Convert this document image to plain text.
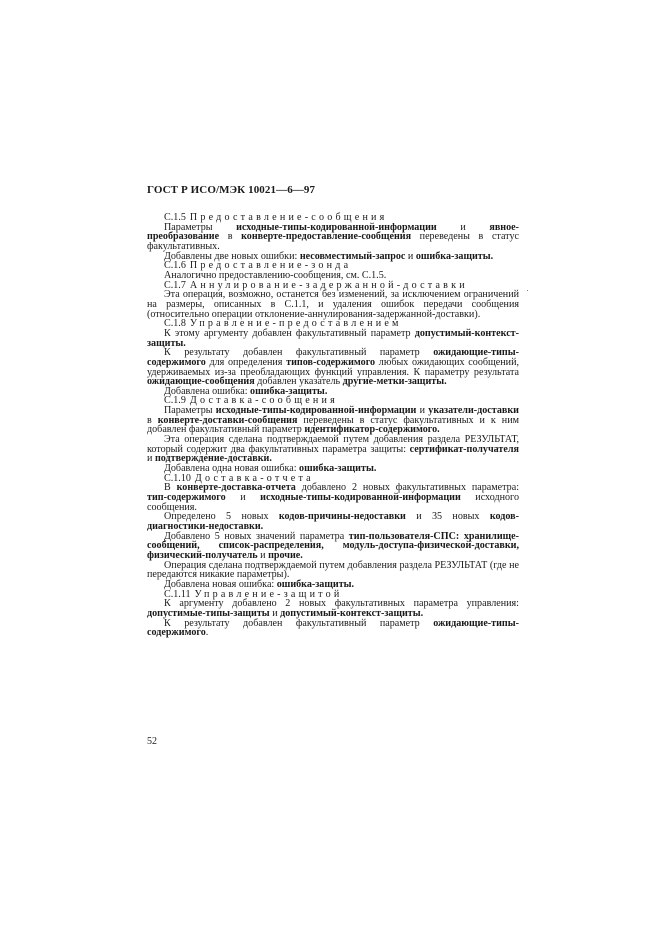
ГОСТ Р ИСО/МЭК 10021—6—97
С.1.5 Предоставление-сообщения

Параметры исходные-типы-кодированной-информации и явное-преобразование в конверте-предоставление-сообщения переведены в статус факультативных.

Добавлены две новых ошибки: несовместимый-запрос и ошибка-защиты.

С.1.6 Предоставление-зонда

Аналогично предоставлению-сообщения, см. С.1.5.

С.1.7 Аннулирование-задержанной-доставки

Эта операция, возможно, останется без изменений, за исключением ограничений на размеры, описанных в С.1.1, и удаления ошибок передачи сообщения (относительно операции отклонение-аннулирования-задержанной-доставки).

С.1.8 Управление-предоставлением

К этому аргументу добавлен факультативный параметр допустимый-контекст-защиты.

К результату добавлен факультативный параметр ожидающие-типы-содержимого для определения типов-содержимого любых ожидающих сообщений, удерживаемых из-за преобладающих функций управления. К параметру результата ожидающие-сообщения добавлен указатель другие-метки-защиты.

Добавлена ошибка: ошибка-защиты.

С.1.9 Доставка-сообщения

Параметры исходные-типы-кодированной-информации и указатели-доставки в конверте-доставки-сообщения переведены в статус факультативных и к ним добавлен факультативный параметр идентификатор-содержимого.

Эта операция сделана подтверждаемой путем добавления раздела РЕЗУЛЬТАТ, который содержит два факультативных параметра защиты: сертификат-получателя и подтверждение-доставки.

Добавлена одна новая ошибка: ошибка-защиты.

С.1.10 Доставка-отчета

В конверте-доставка-отчета добавлено 2 новых факультативных параметра: тип-содержимого и исходные-типы-кодированной-информации исходного сообщения.

Определено 5 новых кодов-причины-недоставки и 35 новых кодов-диагностики-недоставки.

Добавлено 5 новых значений параметра тип-пользователя-СПС: хранилище-сообщений, список-распределения, модуль-доступа-физической-доставки, физический-получатель и прочие.

Операция сделана подтверждаемой путем добавления раздела РЕЗУЛЬТАТ (где не передаются никакие параметры).

Добавлена новая ошибка: ошибка-защиты.

С.1.11 Управление-защитой

К аргументу добавлено 2 новых факультативных параметра управления: допустимые-типы-защиты и допустимый-контекст-защиты.

К результату добавлен факультативный параметр ожидающие-типы-содержимого.

52
